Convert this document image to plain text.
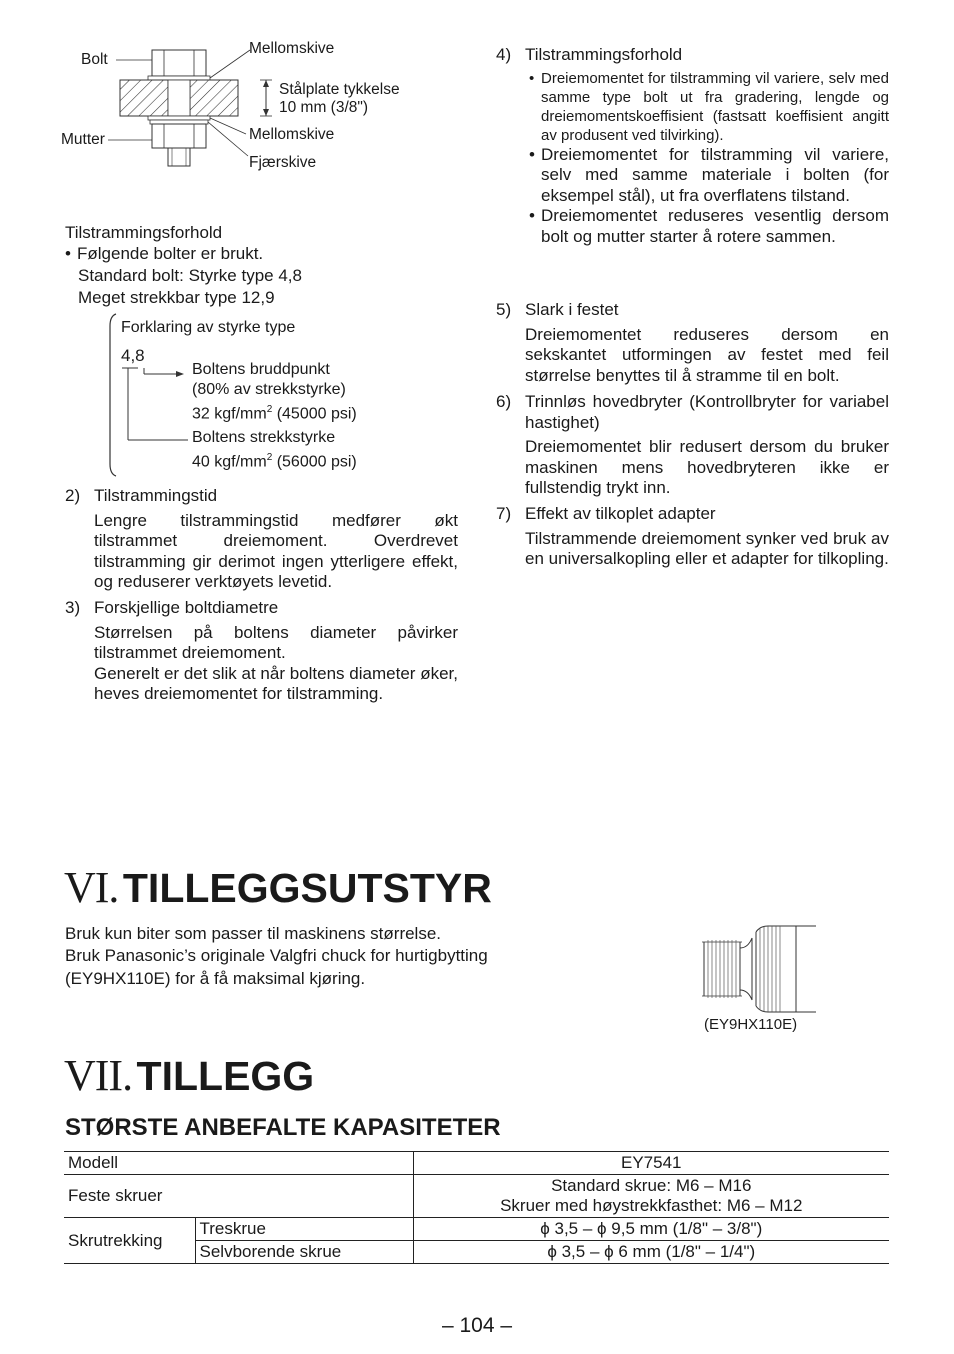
Bolt
Mellomskive
Stålplate tykkelse
10 mm (3/8")
Mutter	Mellomskive
Fjærskive
Tilstrammingsforhold
• Følgende bolter er brukt.
Standard bolt: Styrke type 4,8
Meget strekkbar type 12,9
Forklaring av styrke type
4,8
Boltens bruddpunkt
(80% av strekkstyrke)
32 kgf/$mm^2$ (45000 psi)
Boltens strekkstyrke
40 kgf/$mm^2$ (56000 psi)
2) Tilstrammingstid
Lengre tilstrammingstid medfører økt tilstrammet dreiemoment. Overdrevet tilstramming gir derimot ingen ytterligere effekt, og reduserer verktøyets levetid.
3) Forskjellige boltdiametre
Størrelsen på boltens diameter påvirker tilstrammet dreiemoment.
Generelt er det slik at når boltens diameter øker, heves dreiemomentet for tilstramming.
4) Tilstrammingsforhold
• Dreiemomentet for tilstramming vil variere, selv med samme type bolt ut fra gradering, lengde og dreiemomentskoeffisient (fastsatt koeffisient angitt av produsent ved tilvirking).
• Dreiemomentet for tilstramming vil variere, selv med samme materiale i bolten (for eksempel stål), ut fra overflatens tilstand.
• Dreiemomentet reduseres vesentlig dersom bolt og mutter starter å rotere sammen.
5) Slark i festet
Dreiemomentet reduseres dersom en sekskantet utformingen av festet med feil størrelse benyttes til å stramme til en bolt.
6) Trinnløs hovedbryter (Kontrollbryter for variabel hastighet)
Dreiemomentet blir redusert dersom du bruker maskinen mens hovedbryteren ikke er fullstendig trykt inn.
7) Effekt av tilkoplet adapter
Tilstrammende dreiemoment synker ved bruk av en universalkopling eller et adapter for tilkopling.
VI. TILLEGGSUTSTYR
Bruk kun biter som passer til maskinens størrelse.
Bruk Panasonic’s originale Valgfri chuck for hurtigbytting
(EY9HX110E) for å få maksimal kjøring.
(EY9HX110E)
VII. TILLEGG
STØRSTE ANBEFALTE KAPASITETER
Modell		EY7541
Feste skruer		Standard skrue: M6 – M16
Skruer med høystrekkfasthet: M6 – M12

Skrutrekking	Treskrue	ϕ 3,5 – ϕ 9,5 mm (1/8" – 3/8")
	Selvborende skrue	ϕ 3,5 – ϕ 6 mm (1/8" – 1/4")
– 104 –
